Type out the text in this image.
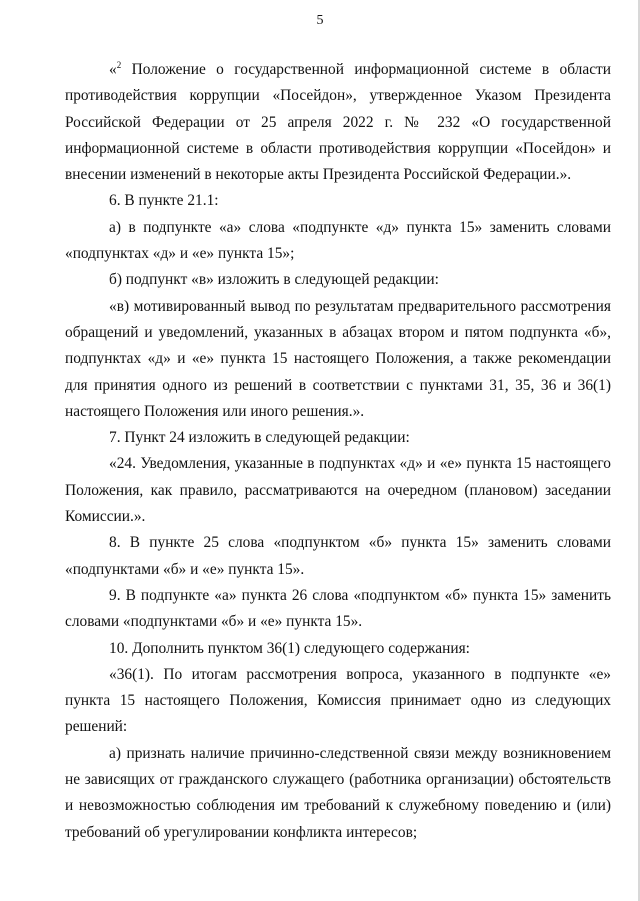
5

«$^2$ Положение о государственной информационной системе в области противодействия коррупции «Посейдон», утвержденное Указом Президента Российской Федерации от 25 апреля 2022 г. № 232 «О государственной информационной системе в области противодействия коррупции «Посейдон» и внесении изменений в некоторые акты Президента Российской Федерации.».

6. В пункте 21.1:

а) в подпункте «а» слова «подпункте «д» пункта 15» заменить словами «подпунктах «д» и «е» пункта 15»;

б) подпункт «в» изложить в следующей редакции:

«в) мотивированный вывод по результатам предварительного рассмотрения обращений и уведомлений, указанных в абзацах втором и пятом подпункта «б», подпунктах «д» и «е» пункта 15 настоящего Положения, а также рекомендации для принятия одного из решений в соответствии с пунктами 31, 35, 36 и 36(1) настоящего Положения или иного решения.».

7. Пункт 24 изложить в следующей редакции:

«24. Уведомления, указанные в подпунктах «д» и «е» пункта 15 настоящего Положения, как правило, рассматриваются на очередном (плановом) заседании Комиссии.».

8. В пункте 25 слова «подпунктом «б» пункта 15» заменить словами «подпунктами «б» и «е» пункта 15».

9. В подпункте «а» пункта 26 слова «подпунктом «б» пункта 15» заменить словами «подпунктами «б» и «е» пункта 15».

10. Дополнить пунктом 36(1) следующего содержания:

«36(1). По итогам рассмотрения вопроса, указанного в подпункте «е» пункта 15 настоящего Положения, Комиссия принимает одно из следующих решений:

а) признать наличие причинно-следственной связи между возникновением не зависящих от гражданского служащего (работника организации) обстоятельств и невозможностью соблюдения им требований к служебному поведению и (или) требований об урегулировании конфликта интересов;
